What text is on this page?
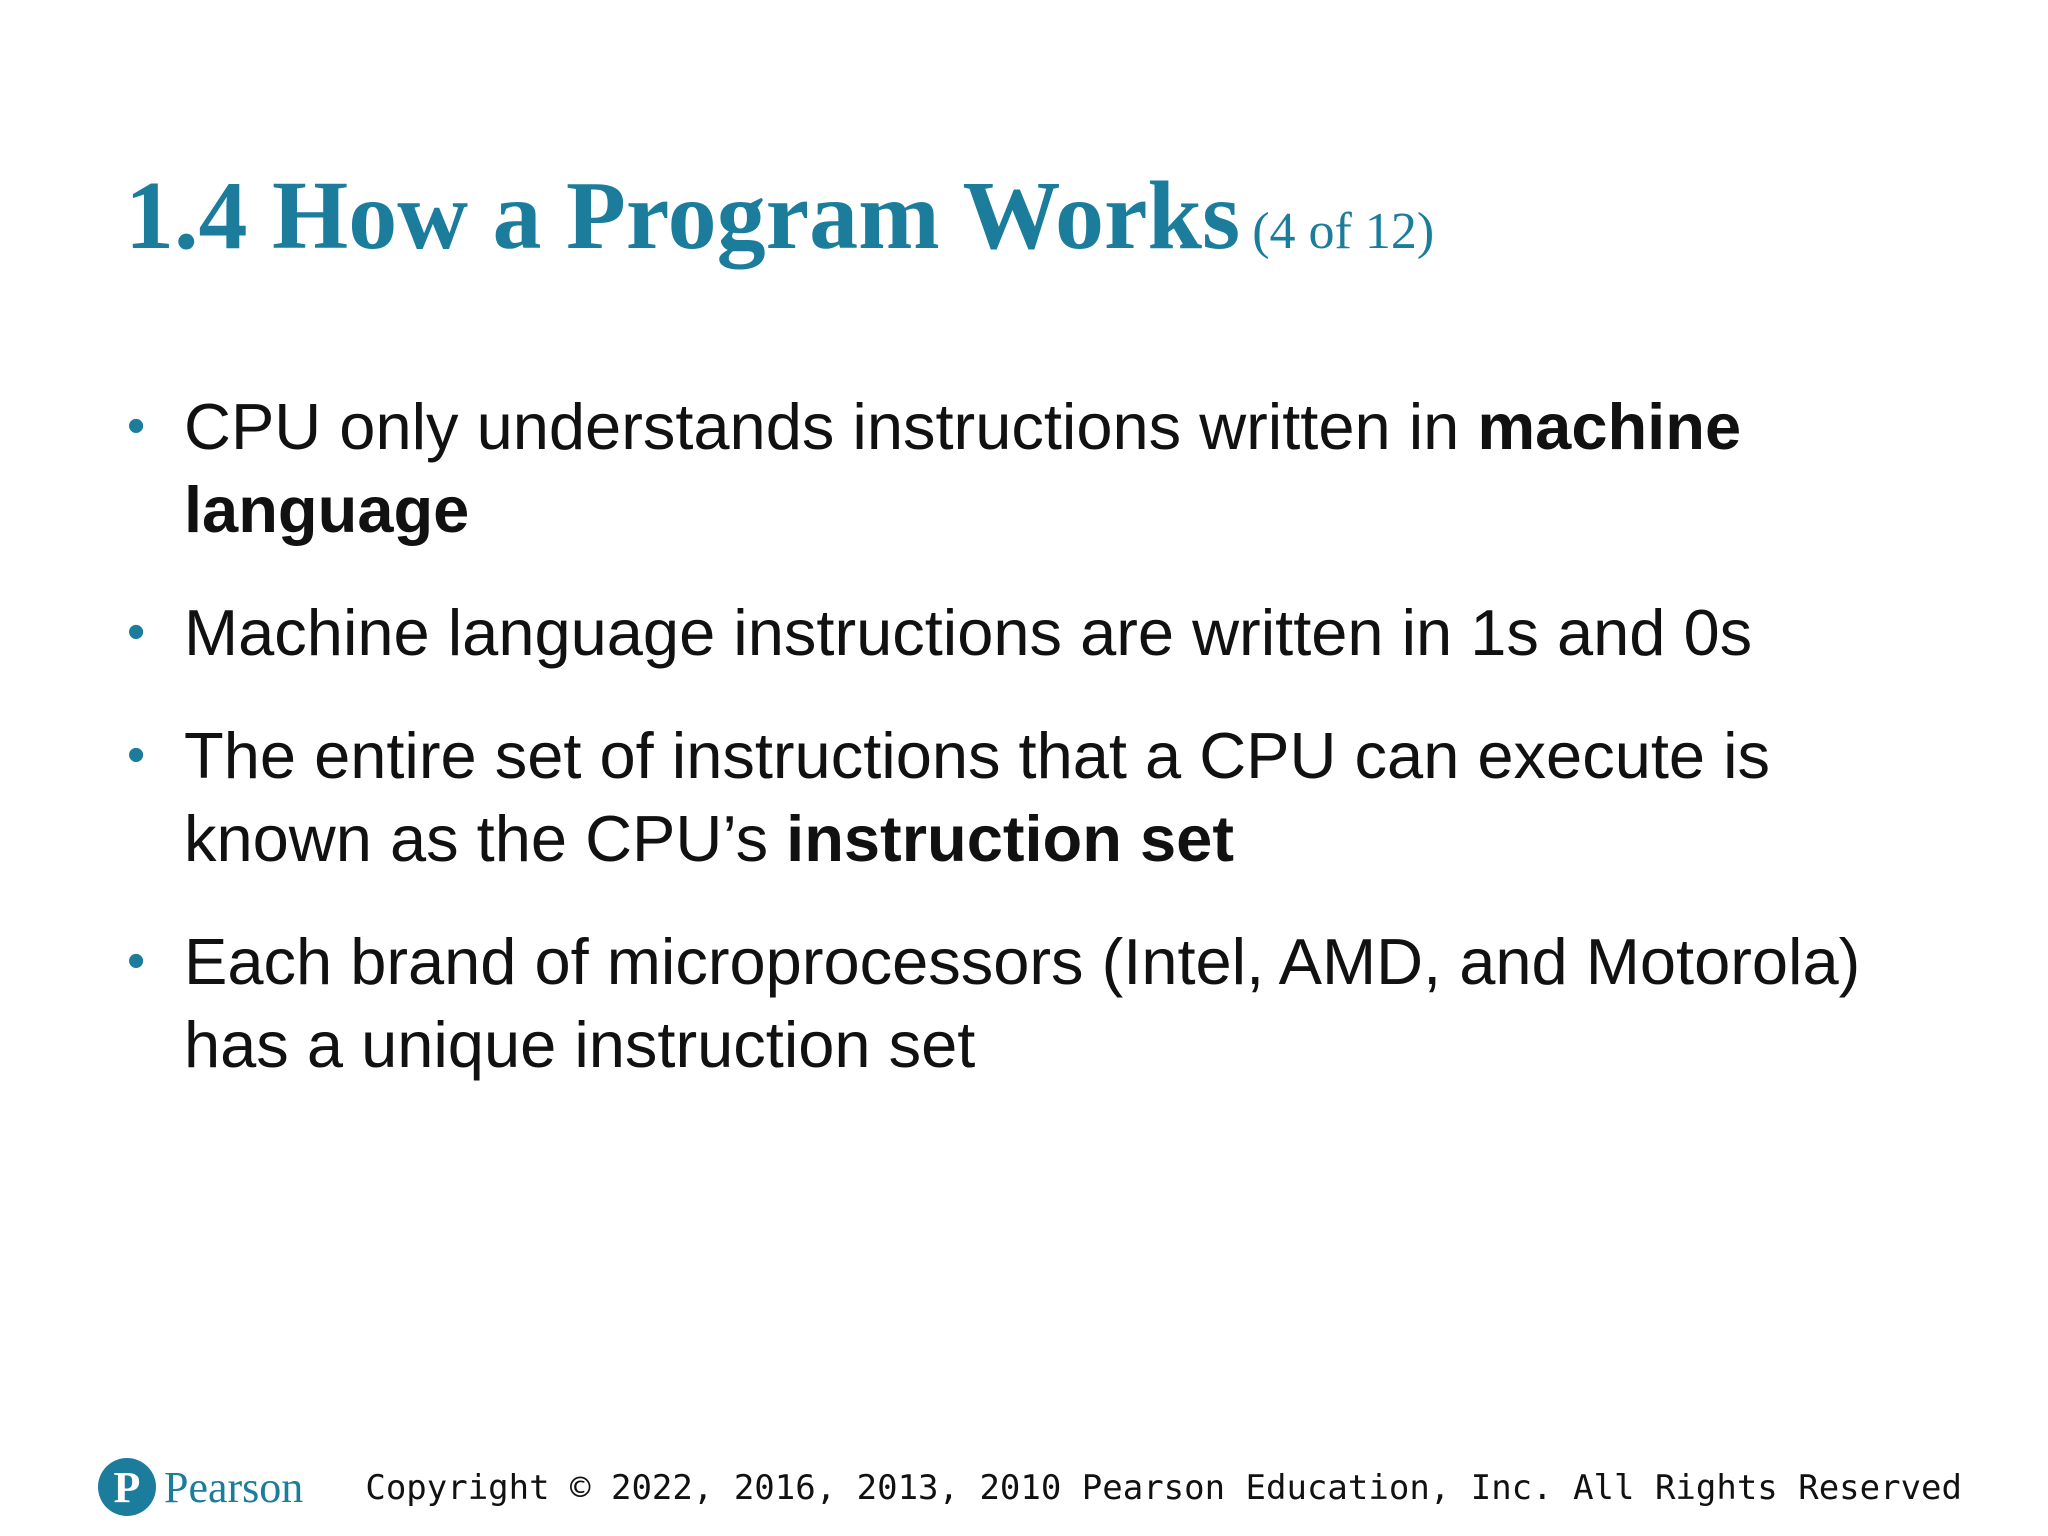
1.4 How a Program Works (4 of 12)
• CPU only understands instructions written in machine language
• Machine language instructions are written in 1s and 0s
• The entire set of instructions that a CPU can execute is known as the CPU’s instruction set
• Each brand of microprocessors (Intel, AMD, and Motorola) has a unique instruction set
P Pearson Copyright © 2022, 2016, 2013, 2010 Pearson Education, Inc. All Rights Reserved
